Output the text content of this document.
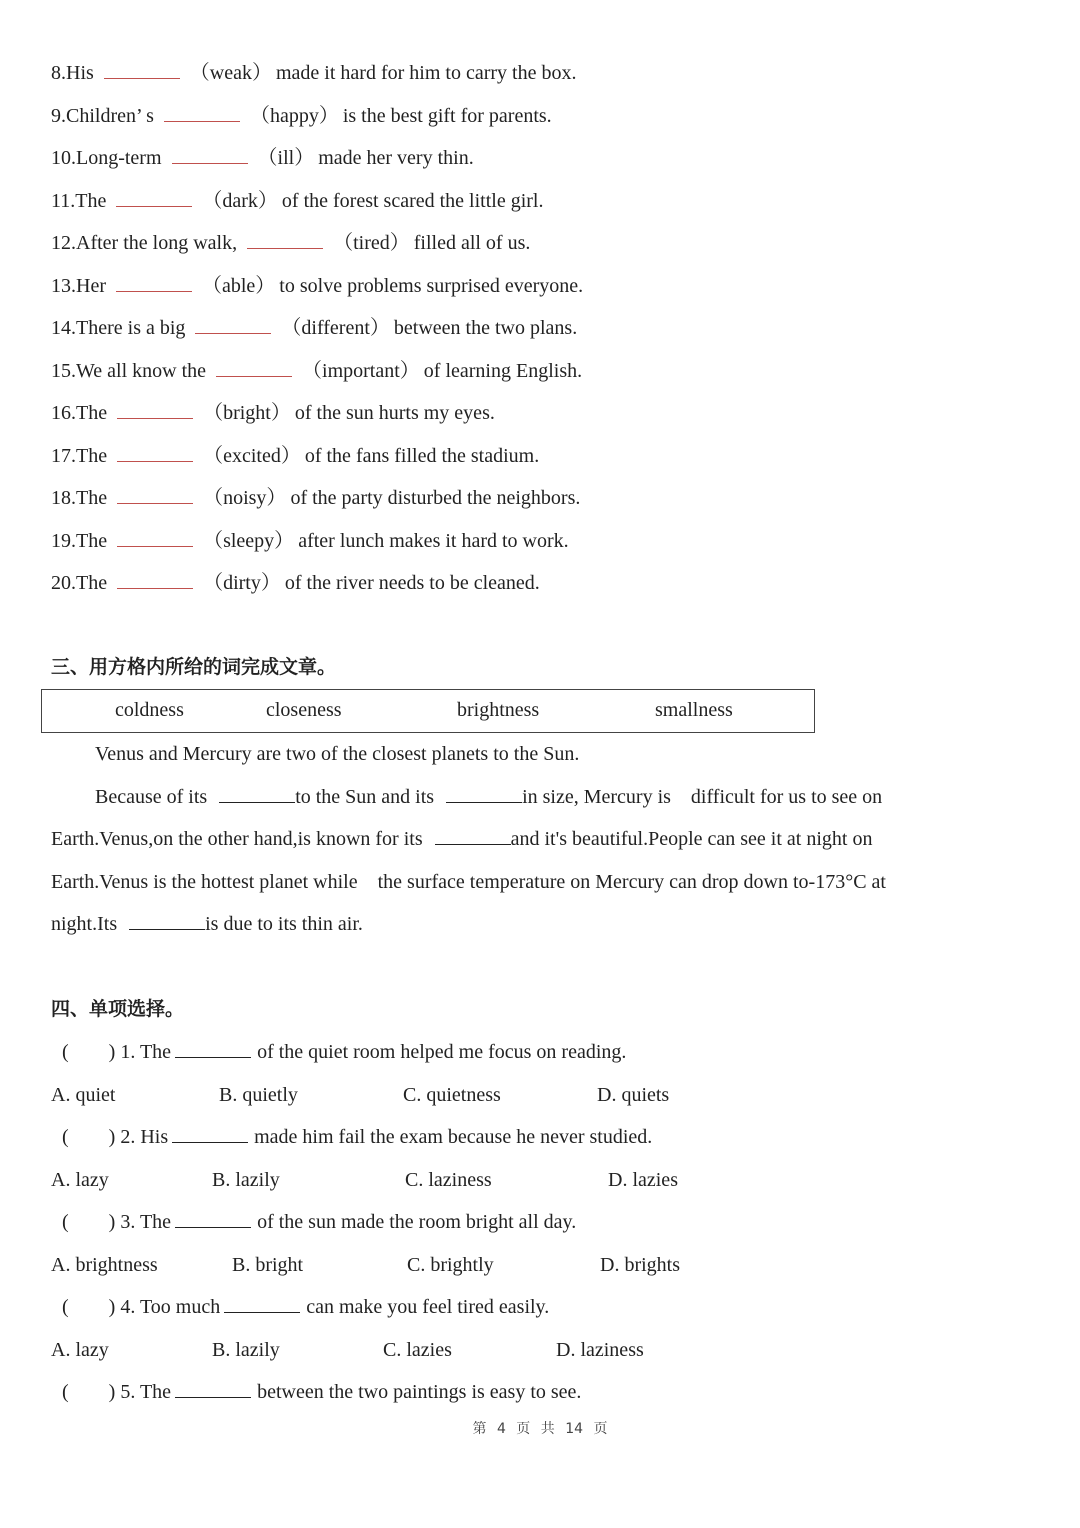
8.His	（weak） made it hard for him to carry the box.
9.Children’ s	（happy） is the best gift for parents.
10.Long-term	（ill） made her very thin.
11.The	（dark） of the forest scared the little girl.
12.After the long walk,	（tired） filled all of us.
13.Her	（able） to solve problems surprised everyone.
14.There is a big	（different） between the two plans.
15.We all know the	（important） of learning English.
16.The	（bright） of the sun hurts my eyes.
17.The	（excited） of the fans filled the stadium.
18.The	（noisy） of the party disturbed the neighbors.
19.The	（sleepy） after lunch makes it hard to work.
20.The	（dirty） of the river needs to be cleaned.
三、用方格内所给的词完成文章。
coldness	closeness	brightness	smallness
Venus and Mercury are two of the closest planets to the Sun.
Because of its	to the Sun and its	in size, Mercury is    difficult for us to see on
Earth.Venus,on the other hand,is known for its	and it's beautiful.People can see it at night on
Earth.Venus is the hottest planet while    the surface temperature on Mercury can drop down to-173°C at
night.Its	is due to its thin air.
四、单项选择。
(        ) 1. The	of the quiet room helped me focus on reading.
A. quiet	B. quietly	C. quietness	D. quiets
(        ) 2. His	made him fail the exam because he never studied.
A. lazy	B. lazily	C. laziness	D. lazies
(        ) 3. The	of the sun made the room bright all day.
A. brightness	B. bright	C. brightly	D. brights
(        ) 4. Too much	can make you feel tired easily.
A. lazy	B. lazily	C. lazies	D. laziness
(        ) 5. The	between the two paintings is easy to see.
第 4 页 共 14 页
